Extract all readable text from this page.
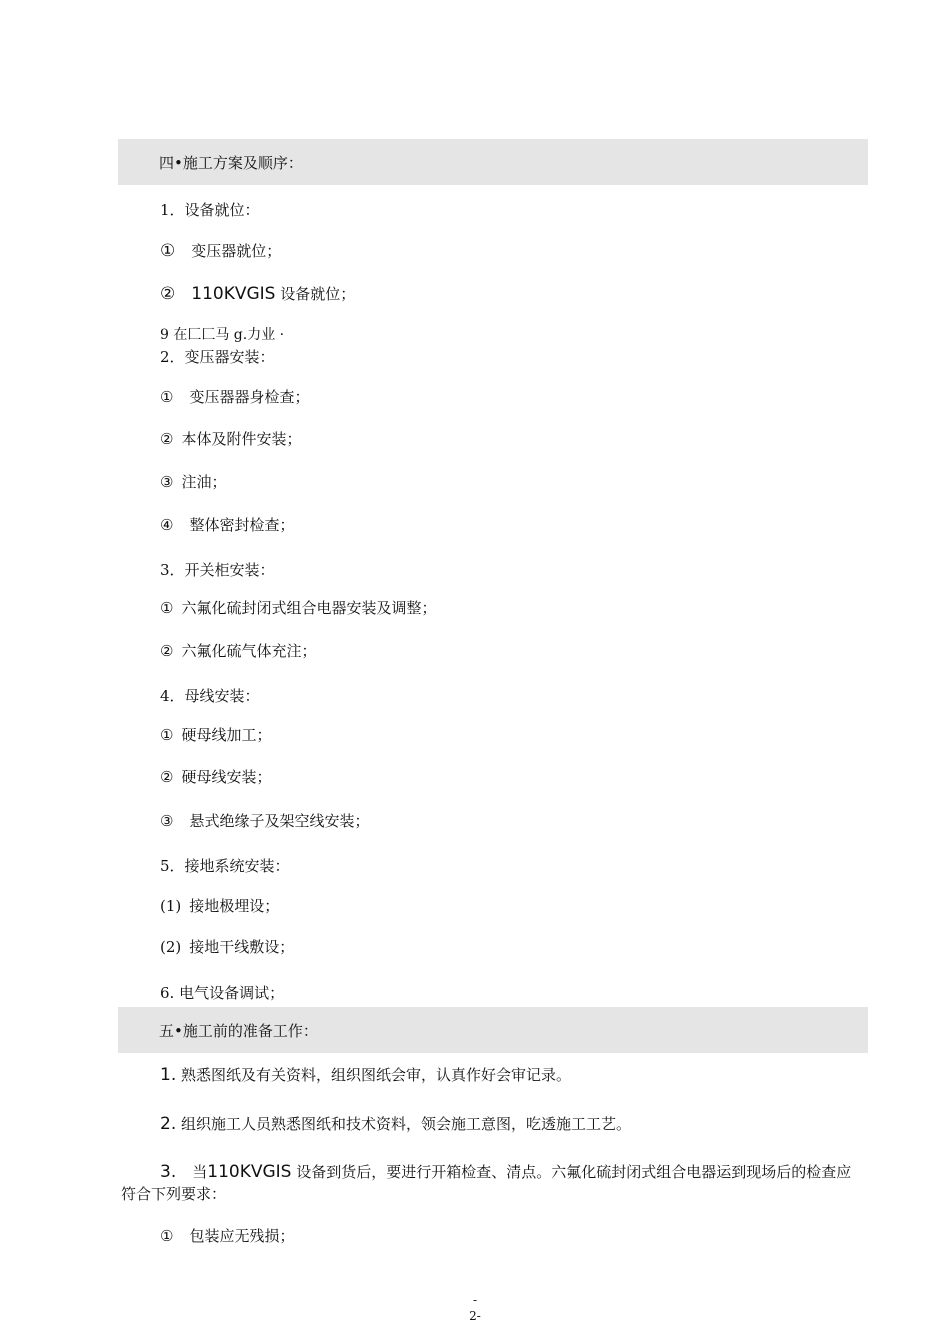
四•施工方案及顺序：
1．设备就位：
① 变压器就位；
② 110KVGIS 设备就位；
9 在匚匚马 g.力业 ·
2．变压器安装：
① 变压器器身检查；
② 本体及附件安装；
③ 注油；
④ 整体密封检查；
3．开关柜安装：
① 六氟化硫封闭式组合电器安装及调整；
② 六氟化硫气体充注；
4．母线安装：
① 硬母线加工；
② 硬母线安装；
③ 悬式绝缘子及架空线安装；
5．接地系统安装：
(1) 接地极埋设；
(2) 接地干线敷设；
6. 电气设备调试；
五•施工前的准备工作：
1. 熟悉图纸及有关资料，组织图纸会审，认真作好会审记录。
2. 组织施工人员熟悉图纸和技术资料，领会施工意图，吃透施工工艺。
3. 当110KVGIS 设备到货后，要进行开箱检查、清点。六氟化硫封闭式组合电器运到现场后的检查应符合下列要求：
① 包装应无残损；
-
2-
